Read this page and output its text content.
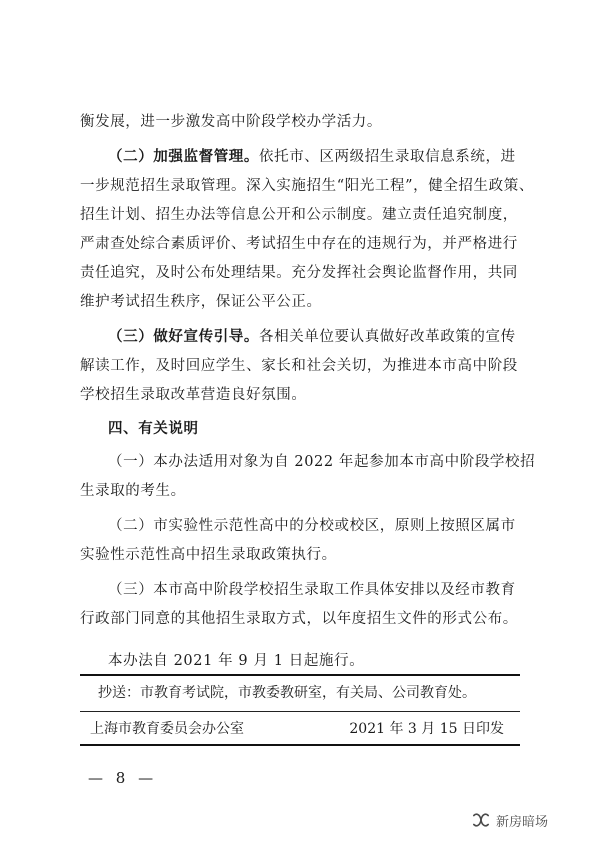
衡发展，进一步激发高中阶段学校办学活力。
（二）加强监督管理。依托市、区两级招生录取信息系统，进
一步规范招生录取管理。深入实施招生“阳光工程”，健全招生政策、
招生计划、招生办法等信息公开和公示制度。建立责任追究制度，
严肃查处综合素质评价、考试招生中存在的违规行为，并严格进行
责任追究，及时公布处理结果。充分发挥社会舆论监督作用，共同
维护考试招生秩序，保证公平公正。
（三）做好宣传引导。各相关单位要认真做好改革政策的宣传
解读工作，及时回应学生、家长和社会关切，为推进本市高中阶段
学校招生录取改革营造良好氛围。
四、有关说明
（一）本办法适用对象为自 2022 年起参加本市高中阶段学校招
生录取的考生。
（二）市实验性示范性高中的分校或校区，原则上按照区属市
实验性示范性高中招生录取政策执行。
（三）本市高中阶段学校招生录取工作具体安排以及经市教育
行政部门同意的其他招生录取方式，以年度招生文件的形式公布。
本办法自 2021 年 9 月 1 日起施行。
抄送：市教育考试院，市教委教研室，有关局、公司教育处。
上海市教育委员会办公室	2021 年 3 月 15 日印发
— 8 —
新房暗场
